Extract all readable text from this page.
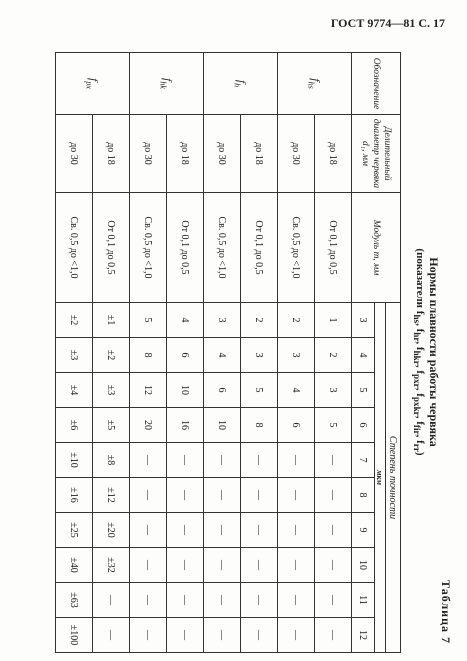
ГОСТ 9774—81 С. 17
Таблица 7
Нормы плавности работы червяка
(показатели $f_{hs}$, $f_{hr}$, $f_{hkr}$, $f_{pxr}$, $f_{pxkr}$, $f_{fir}$, $f_{rr}$)
Обозначение	Делительный диаметр червяка d₁, мм	Модуль m, мм	Степень точности									
			мкм									
			3	4	5	6	7	8	9	10	11	12
$f_{hs}$	до 18	От 0,1 до 0,5	1	2	3	5	—	—	—	—	—	—
	до 30	Св. 0,5 до <1,0	2	3	4	6	—	—	—	—	—	—
$f_h$	до 18	От 0,1 до 0,5	2	3	5	8	—	—	—	—	—	—
	до 30	Св. 0,5 до <1,0	3	4	6	10	—	—	—	—	—	—
$f_{hk}$	до 18	От 0,1 до 0,5	4	6	10	16	—	—	—	—	—	—
	до 30	Св. 0,5 до <1,0	5	8	12	20	—	—	—	—	—	—
$f_{px}$	до 18	От 0,1 до 0,5	±1	±2	±3	±5	±8	±12	±20	±32	—	—
	до 30	Св. 0,5 до <1,0	±2	±3	±4	±6	±10	±16	±25	±40	±63	±100
